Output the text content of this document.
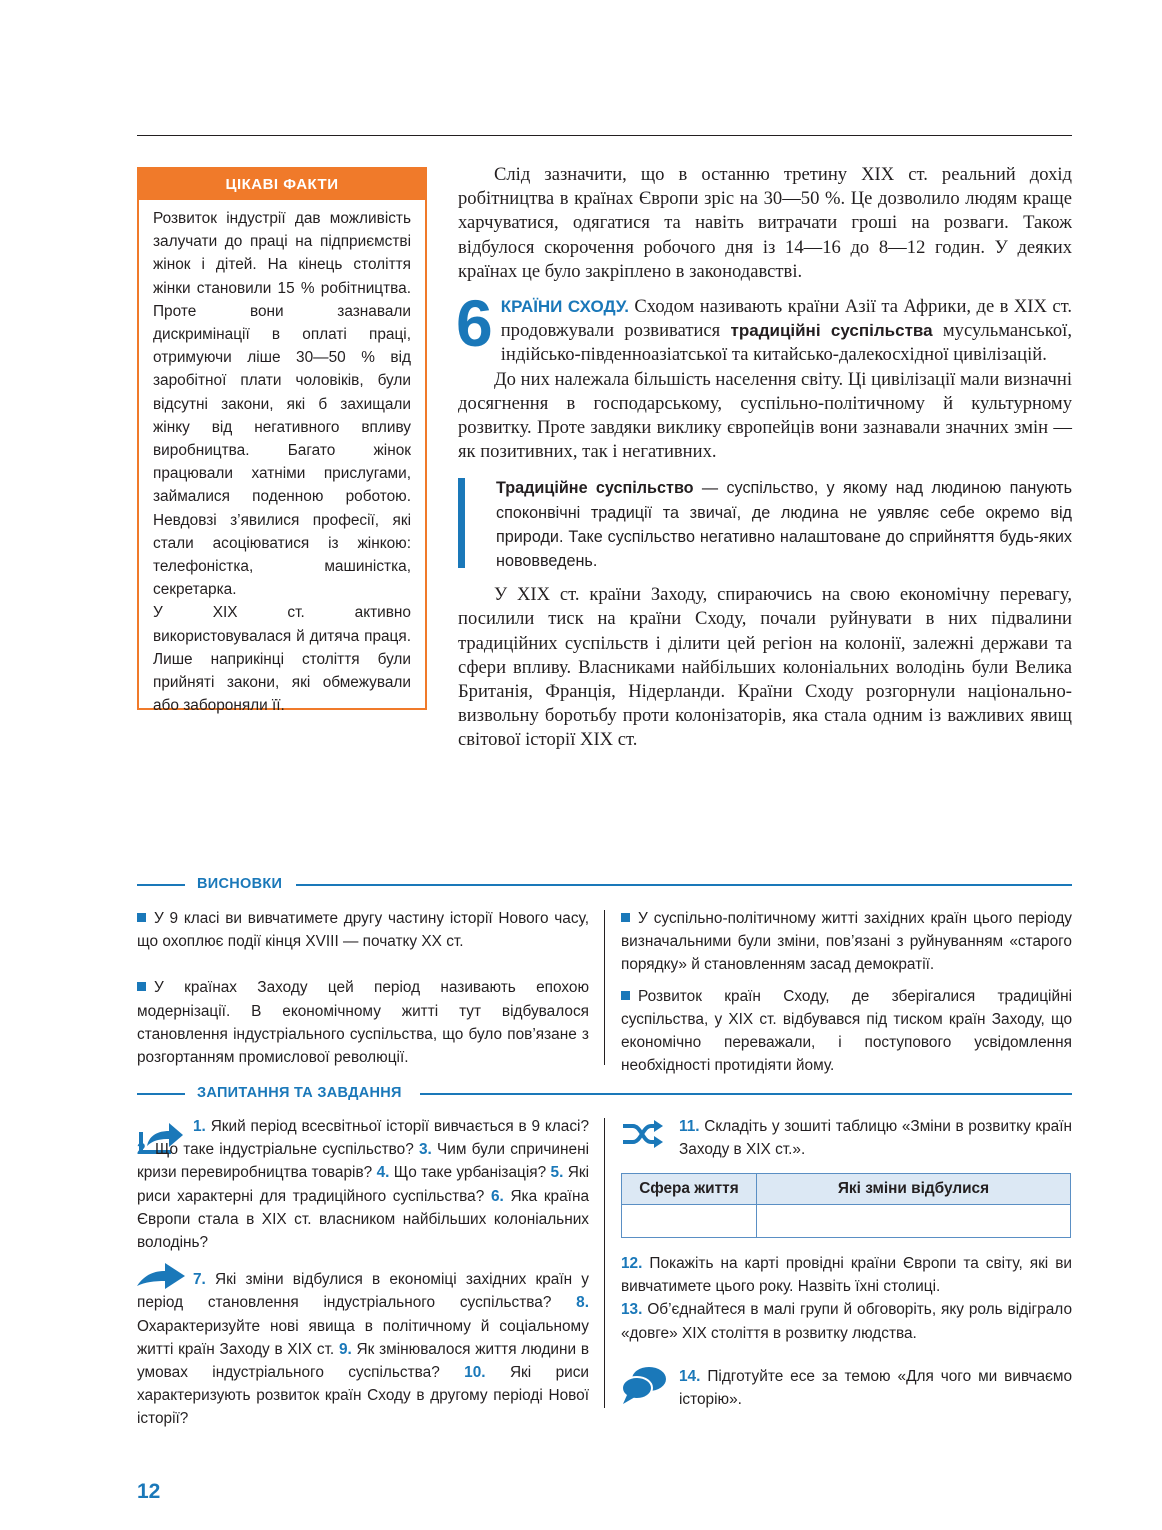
ЦІКАВІ ФАКТИ

Розвиток індустрії дав можливість залучати до праці на підприємстві жінок і дітей. На кінець століття жінки становили 15 % робітництва. Проте вони зазнавали дискримінації в оплаті праці, отримуючи ліше 30—50 % від заробітної плати чоловіків, були відсутні закони, які б захищали жінку від негативного впливу виробництва. Багато жінок працювали хатніми прислугами, займалися поденною роботою. Невдовзі з’явилися професії, які стали асоціюватися із жінкою: телефоністка, машиністка, секретарка.

У XIX ст. активно використовувалася й дитяча праця. Лише наприкінці століття були прийняті закони, які обмежували або забороняли її.

Слід зазначити, що в останню третину XIX ст. реальний дохід робітництва в країнах Європи зріс на 30—50 %. Це дозволило людям краще харчуватися, одягатися та навіть витрачати гроші на розваги. Також відбулося скорочення робочого дня із 14—16 до 8—12 годин. У деяких країнах це було закріплено в законодавстві.

6 КРАЇНИ СХОДУ. Сходом називають країни Азії та Африки, де в XIX ст. продовжували розвиватися традиційні суспільства мусульманської, індійсько-південноазіатської та китайсько-далекосхідної цивілізацій.

До них належала більшість населення світу. Ці цивілізації мали визначні досягнення в господарському, суспільно-політичному й культурному розвитку. Проте завдяки виклику європейців вони зазнавали значних змін — як позитивних, так і негативних.

Традиційне суспільство — суспільство, у якому над людиною панують споконвічні традиції та звичаї, де людина не уявляє себе окремо від природи. Таке суспільство негативно налаштоване до сприйняття будь-яких нововведень.

У XIX ст. країни Заходу, спираючись на свою економічну перевагу, посилили тиск на країни Сходу, почали руйнувати в них підвалини традиційних суспільств і ділити цей регіон на колонії, залежні держави та сфери впливу. Власниками найбільших колоніальних володінь були Велика Британія, Франція, Нідерланди. Країни Сходу розгорнули національно-визвольну боротьбу проти колонізаторів, яка стала одним із важливих явищ світової історії XIX ст.

ВИСНОВКИ

У 9 класі ви вивчатимете другу частину історії Нового часу, що охоплює події кінця XVIII — початку XX ст.

У країнах Заходу цей період називають епохою модернізації. В економічному житті тут відбувалося становлення індустріального суспільства, що було пов’язане з розгортанням промислової революції.

У суспільно-політичному житті західних країн цього періоду визначальними були зміни, пов’язані з руйнуванням «старого порядку» й становленням засад демократії.

Розвиток країн Сходу, де зберігалися традиційні суспільства, у XIX ст. відбувався під тиском країн Заходу, що економічно переважали, і поступового усвідомлення необхідності протидіяти йому.

ЗАПИТАННЯ ТА ЗАВДАННЯ

1. Який період всесвітньої історії вивчається в 9 класі? 2. Що таке індустріальне суспільство? 3. Чим були спричинені кризи перевиробництва товарів? 4. Що таке урбанізація? 5. Які риси характерні для традиційного суспільства? 6. Яка країна Європи стала в XIX ст. власником найбільших колоніальних володінь?

7. Які зміни відбулися в економіці західних країн у період становлення індустріального суспільства? 8. Охарактеризуйте нові явища в політичному й соціальному житті країн Заходу в XIX ст. 9. Як змінювалося життя людини в умовах індустріального суспільства? 10. Які риси характеризують розвиток країн Сходу в другому періоді Нової історії?

11. Складіть у зошиті таблицю «Зміни в розвитку країн Заходу в XIX ст.».

Сфера життя	Які зміни відбулися

12. Покажіть на карті провідні країни Європи та світу, які ви вивчатимете цього року. Назвіть їхні столиці.

13. Об’єднайтеся в малі групи й обговоріть, яку роль відіграло «довге» XIX століття в розвитку людства.

14. Підготуйте есе за темою «Для чого ми вивчаємо історію».

12
